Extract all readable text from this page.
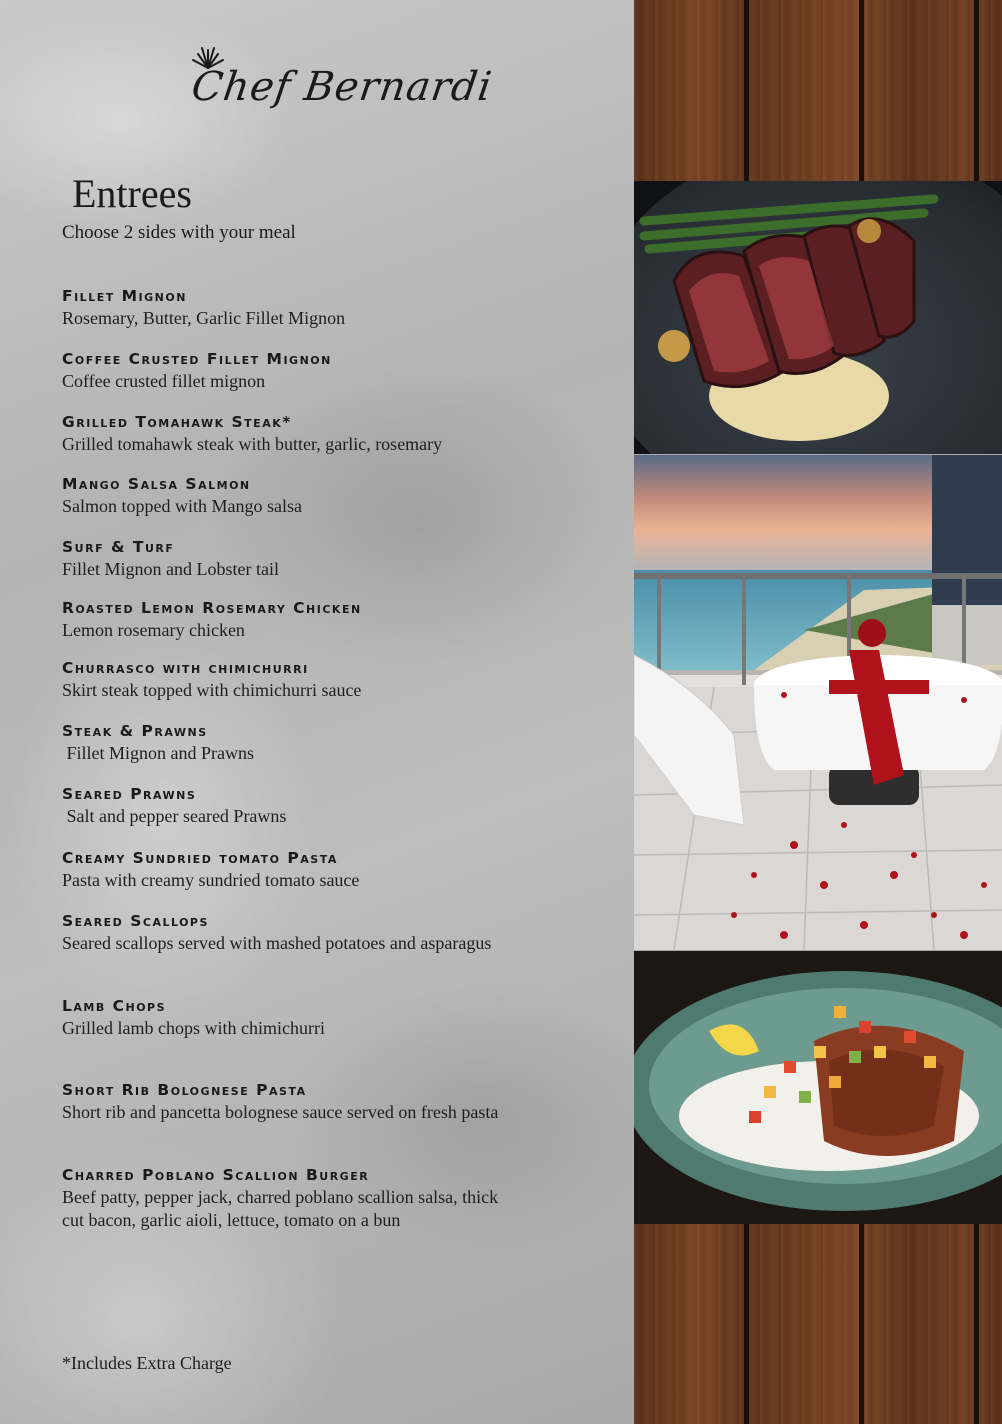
Chef Bernardi
Entrees
Choose 2 sides with your meal
Fillet Mignon
Rosemary, Butter, Garlic Fillet Mignon
Coffee Crusted Fillet Mignon
Coffee crusted fillet mignon
Grilled Tomahawk Steak*
Grilled tomahawk steak with butter, garlic, rosemary
Mango Salsa Salmon
Salmon topped with Mango salsa
Surf & Turf
Fillet Mignon and Lobster tail
Roasted Lemon Rosemary Chicken
Lemon rosemary chicken
Churrasco with chimichurri
Skirt steak topped with chimichurri sauce
Steak & Prawns
Fillet Mignon and Prawns
Seared Prawns
Salt and pepper seared Prawns
Creamy Sundried tomato Pasta
Pasta with creamy sundried tomato sauce
Seared Scallops
Seared scallops served with mashed potatoes and asparagus
Lamb Chops
Grilled lamb chops with chimichurri
Short Rib Bolognese Pasta
Short rib and pancetta bolognese sauce served on fresh pasta
Charred Poblano Scallion Burger
Beef patty, pepper jack, charred poblano scallion salsa, thick cut bacon, garlic aioli, lettuce, tomato on a bun
*Includes Extra Charge
